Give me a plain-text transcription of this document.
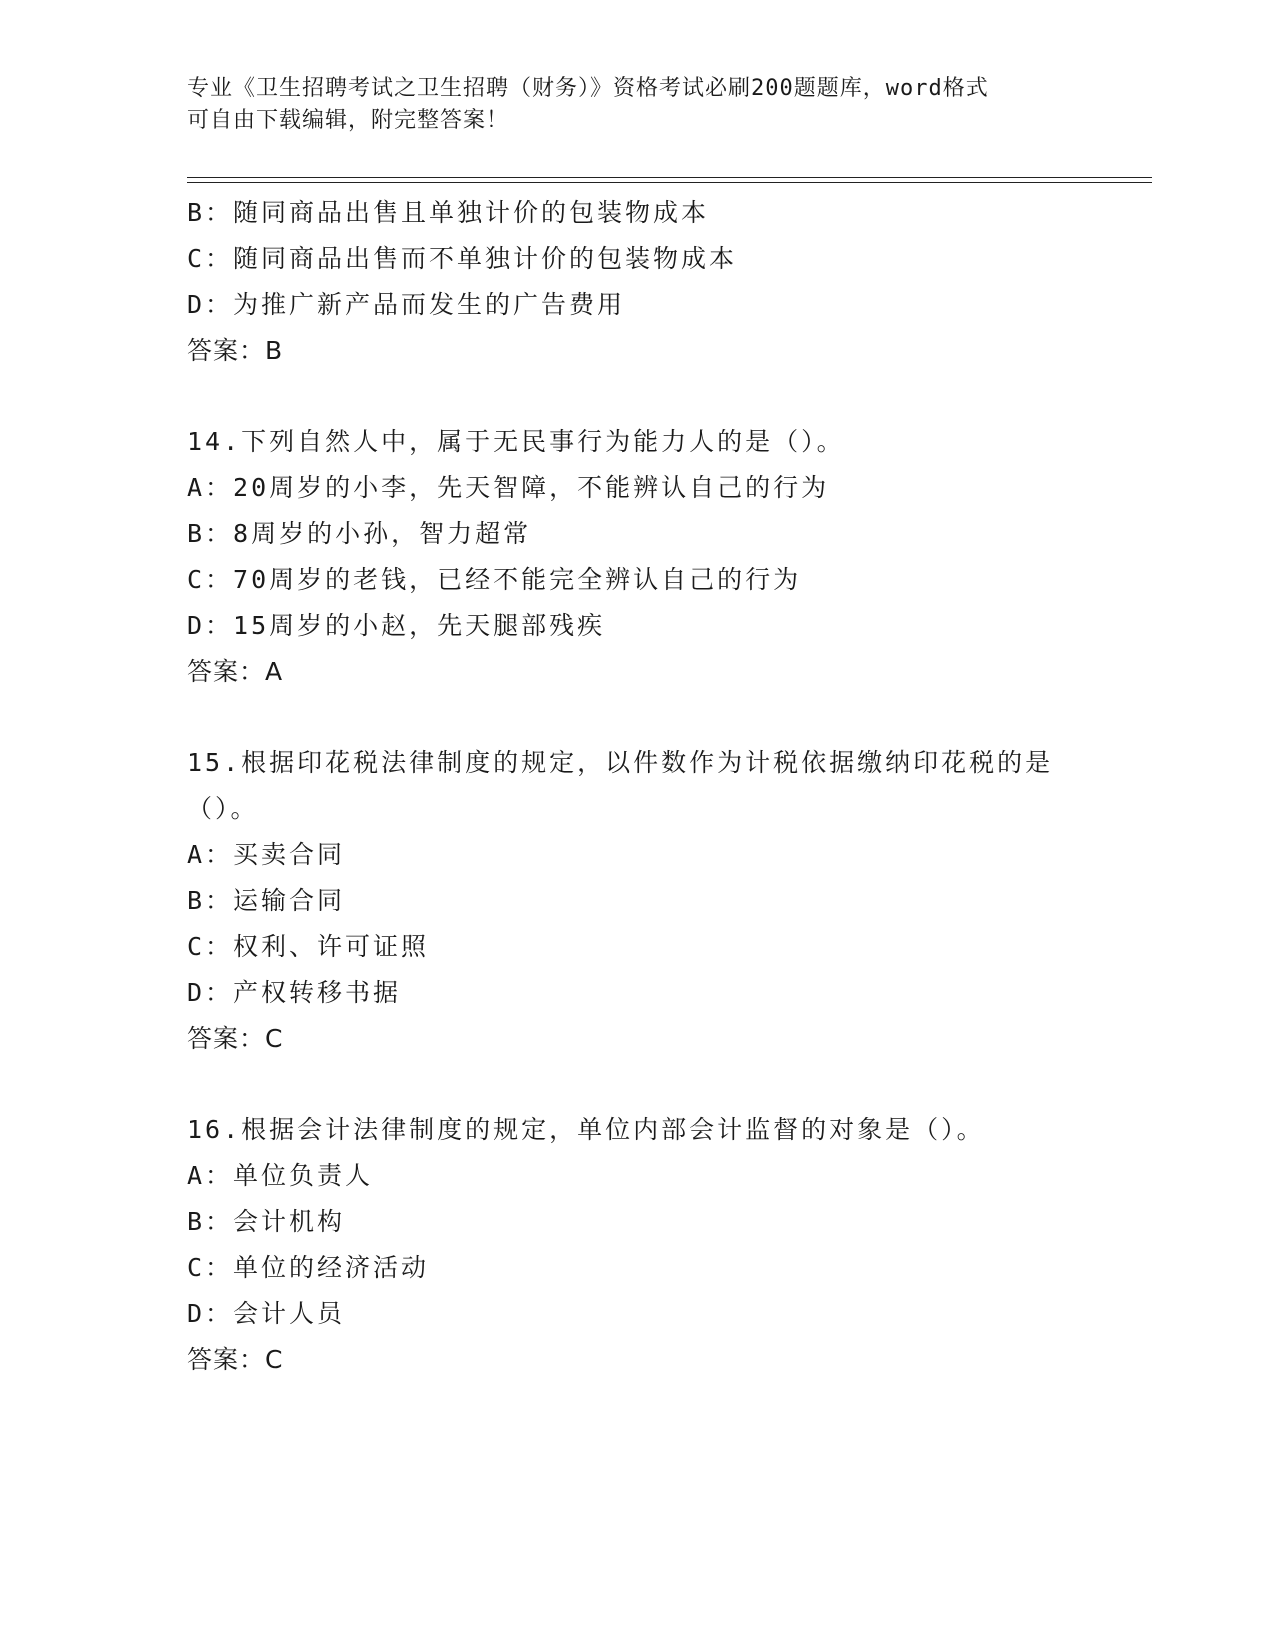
专业《卫生招聘考试之卫生招聘（财务）》资格考试必刷200题题库，word格式
可自由下载编辑，附完整答案！
B：随同商品出售且单独计价的包装物成本
C：随同商品出售而不单独计价的包装物成本
D：为推广新产品而发生的广告费用
答案：B
14.下列自然人中，属于无民事行为能力人的是（）。
A：20周岁的小李，先天智障，不能辨认自己的行为
B：8周岁的小孙，智力超常
C：70周岁的老钱，已经不能完全辨认自己的行为
D：15周岁的小赵，先天腿部残疾
答案：A
15.根据印花税法律制度的规定，以件数作为计税依据缴纳印花税的是（）。
A：买卖合同
B：运输合同
C：权利、许可证照
D：产权转移书据
答案：C
16.根据会计法律制度的规定，单位内部会计监督的对象是（）。
A：单位负责人
B：会计机构
C：单位的经济活动
D：会计人员
答案：C
